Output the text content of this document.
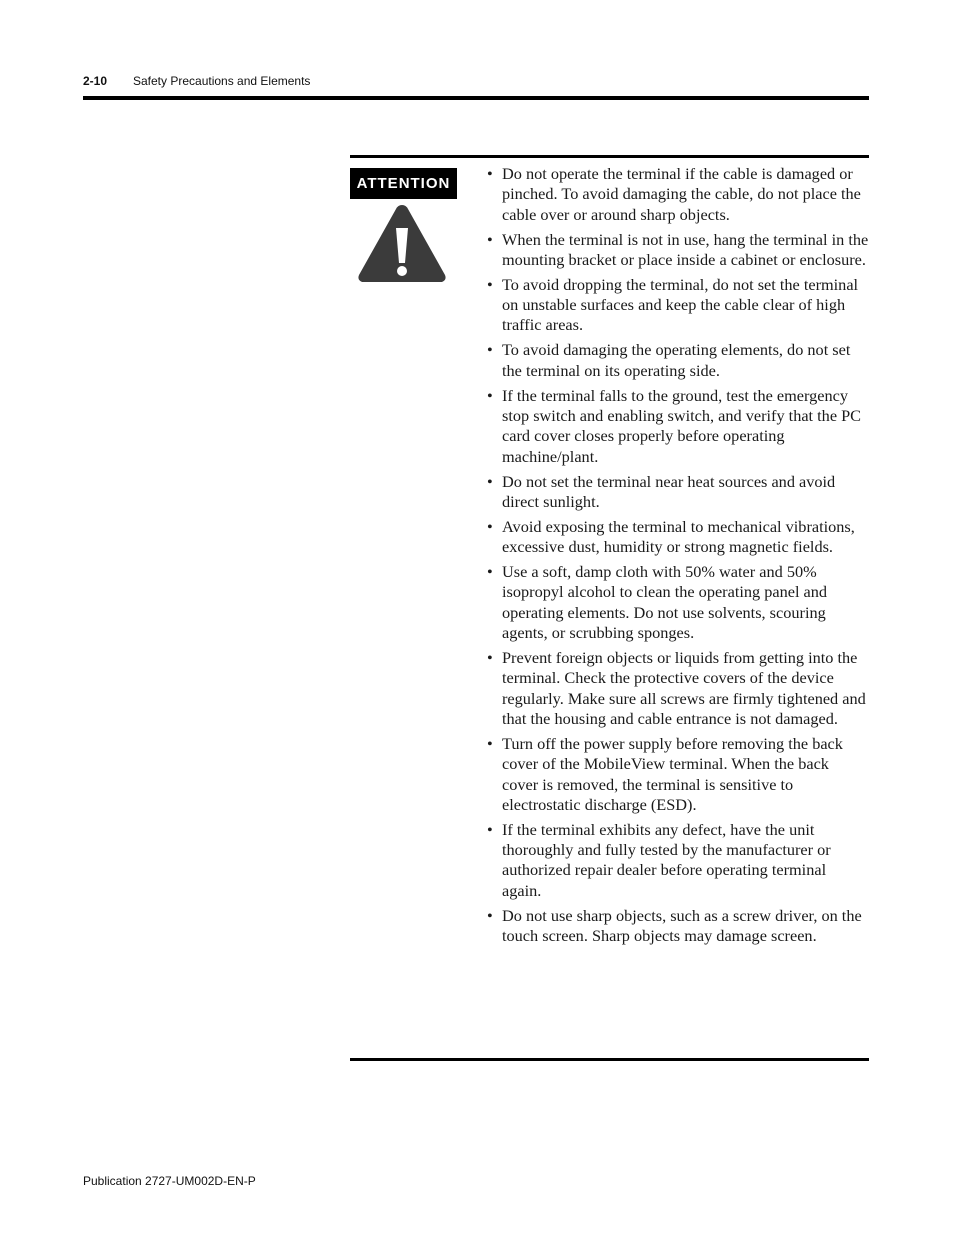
2-10 Safety Precautions and Elements
ATTENTION
• Do not operate the terminal if the cable is damaged or pinched. To avoid damaging the cable, do not place the cable over or around sharp objects.
• When the terminal is not in use, hang the terminal in the mounting bracket or place inside a cabinet or enclosure.
• To avoid dropping the terminal, do not set the terminal on unstable surfaces and keep the cable clear of high traffic areas.
• To avoid damaging the operating elements, do not set the terminal on its operating side.
• If the terminal falls to the ground, test the emergency stop switch and enabling switch, and verify that the PC card cover closes properly before operating machine/plant.
• Do not set the terminal near heat sources and avoid direct sunlight.
• Avoid exposing the terminal to mechanical vibrations, excessive dust, humidity or strong magnetic fields.
• Use a soft, damp cloth with 50% water and 50% isopropyl alcohol to clean the operating panel and operating elements. Do not use solvents, scouring agents, or scrubbing sponges.
• Prevent foreign objects or liquids from getting into the terminal. Check the protective covers of the device regularly. Make sure all screws are firmly tightened and that the housing and cable entrance is not damaged.
• Turn off the power supply before removing the back cover of the MobileView terminal. When the back cover is removed, the terminal is sensitive to electrostatic discharge (ESD).
• If the terminal exhibits any defect, have the unit thoroughly and fully tested by the manufacturer or authorized repair dealer before operating terminal again.
• Do not use sharp objects, such as a screw driver, on the touch screen. Sharp objects may damage screen.
Publication 2727-UM002D-EN-P
